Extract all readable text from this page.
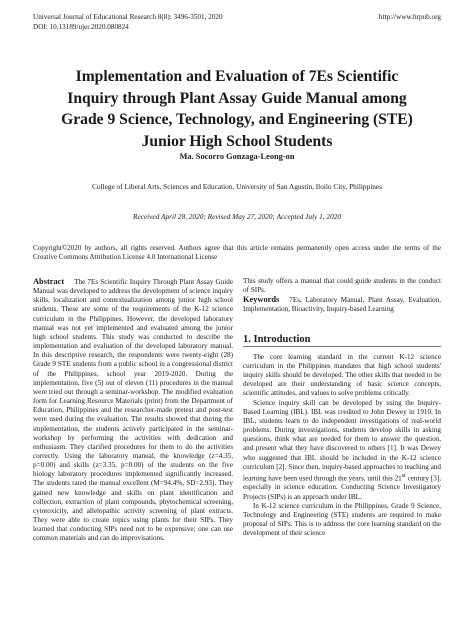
Universal Journal of Educational Research 8(8): 3496-3501, 2020
DOI: 10.13189/ujer.2020.080824
http://www.hrpub.org
Implementation and Evaluation of 7Es Scientific
Inquiry through Plant Assay Guide Manual among
Grade 9 Science, Technology, and Engineering (STE)
Junior High School Students
Ma. Socorro Gonzaga-Leong-on
College of Liberal Arts, Sciences and Education, University of San Agustin, Iloilo City, Philippines
Received April 28, 2020; Revised May 27, 2020; Accepted July 1, 2020
Copyright©2020 by authors, all rights reserved. Authors agree that this article remains permanently open access under the terms of the Creative Commons Attribution License 4.0 International License

Abstract The 7Es Scientific Inquiry Through Plant Assay Guide Manual was developed to address the development of science inquiry skills, localization and contextualization among junior high school students. These are some of the requirements of the K-12 science curriculum in the Philippines. However, the developed laboratory manual was not yet implemented and evaluated among the junior high school students. This study was conducted to describe the implementation and evaluation of the developed laboratory manual. In this descriptive research, the respondents were twenty-eight (28) Grade 9 STE students from a public school in a congressional district of the Philippines, school year 2019-2020. During the implementation, five (5) out of eleven (11) procedures in the manual were tried out through a seminar-workshop. The modified evaluation form for Learning Resource Materials (print) from the Department of Education, Philippines and the researcher-made pretest and post-test were used during the evaluation. The results showed that during the implementation, the students actively participated in the seminar-workshop by performing the activities with dedication and enthusiasm. They clarified procedures for them to do the activities correctly. Using the laboratory manual, the knowledge (z=4.35, p=0.00) and skills (z=3.35, p=0.00) of the students on the five biology laboratory procedures implemented significantly increased. The students rated the manual excellent (M=94.4%, SD=2.93). They gained new knowledge and skills on plant identification and collection, extraction of plant compounds, phytochemical screening, cytotoxicity, and allelopathic activity screening of plant extracts. They were able to create topics using plants for their SIPs. They learned that conducting SIPs need not to be expensive; one can use common materials and can do improvisations.

This study offers a manual that could guide students in the conduct of SIPs.

Keywords 7Es, Laboratory Manual, Plant Assay, Evaluation, Implementation, Bioactivity, Inquiry-based Learning

1. Introduction

The core learning standard in the current K-12 science curriculum in the Philippines mandates that high school students' inquiry skills should be developed. The other skills that needed to be developed are their understanding of basic science concepts, scientific attitudes, and values to solve problems critically.

Science inquiry skill can be developed by using the Inquiry-Based Learning (IBL). IBL was credited to John Dewey in 1910. In IBL, students learn to do independent investigations of real-world problems. During investigations, students develop skills in asking questions, think what are needed for them to answer the question, and present what they have discovered to others [1]. It was Dewey who suggested that IBL should be included in the K-12 science curriculum [2]. Since then, inquiry-based approaches to teaching and learning have been used through the years, until this 21st century [3], especially in science education. Conducting Science Investigatory Projects (SIPs) is an approach under IBL.

In K-12 science curriculum in the Philippines, Grade 9 Science, Technology and Engineering (STE) students are required to make proposal of SIPs. This is to address the core learning standard on the development of their science
